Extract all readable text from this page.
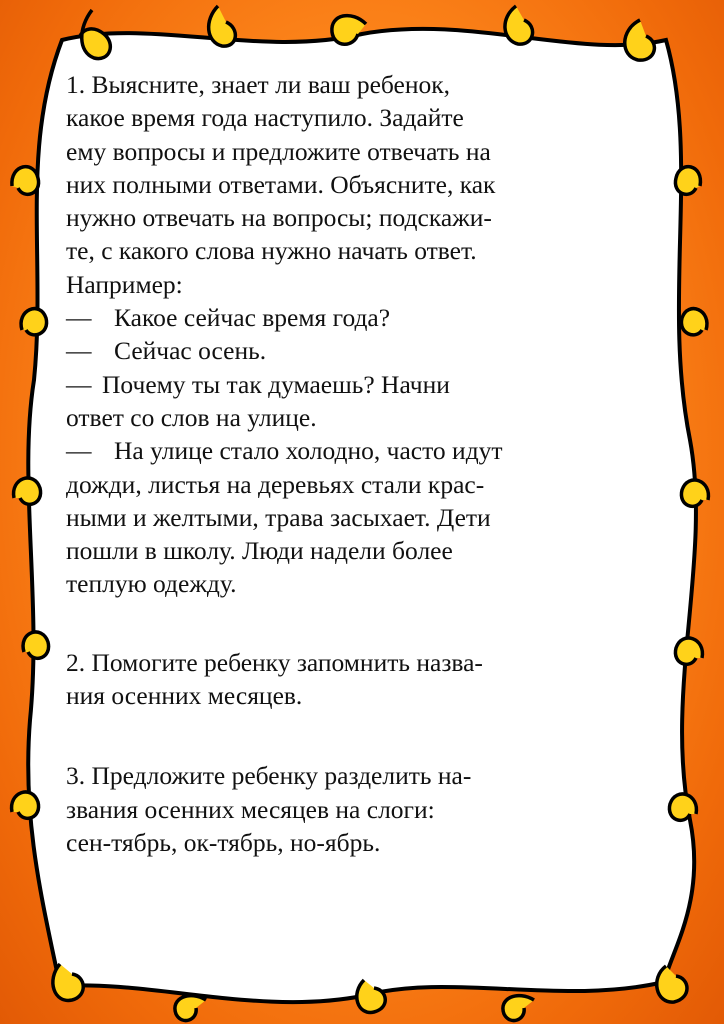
1. Выясните, знает ли ваш ребенок,

какое время года наступило. Задайте

ему вопросы и предложите отвечать на

них полными ответами. Объясните, как

нужно отвечать на вопросы; подскажи-

те, с какого слова нужно начать ответ.

Например:

— Какое сейчас время года?

— Сейчас осень.

— Почему ты так думаешь? Начни

ответ со слов на улице.

— На улице стало холодно, часто идут

дожди, листья на деревьях стали крас-

ными и желтыми, трава засыхает. Дети

пошли в школу. Люди надели более

теплую одежду.

2. Помогите ребенку запомнить назва-

ния осенних месяцев.

3. Предложите ребенку разделить на-

звания осенних месяцев на слоги:

сен-тябрь, ок-тябрь, но-ябрь.
